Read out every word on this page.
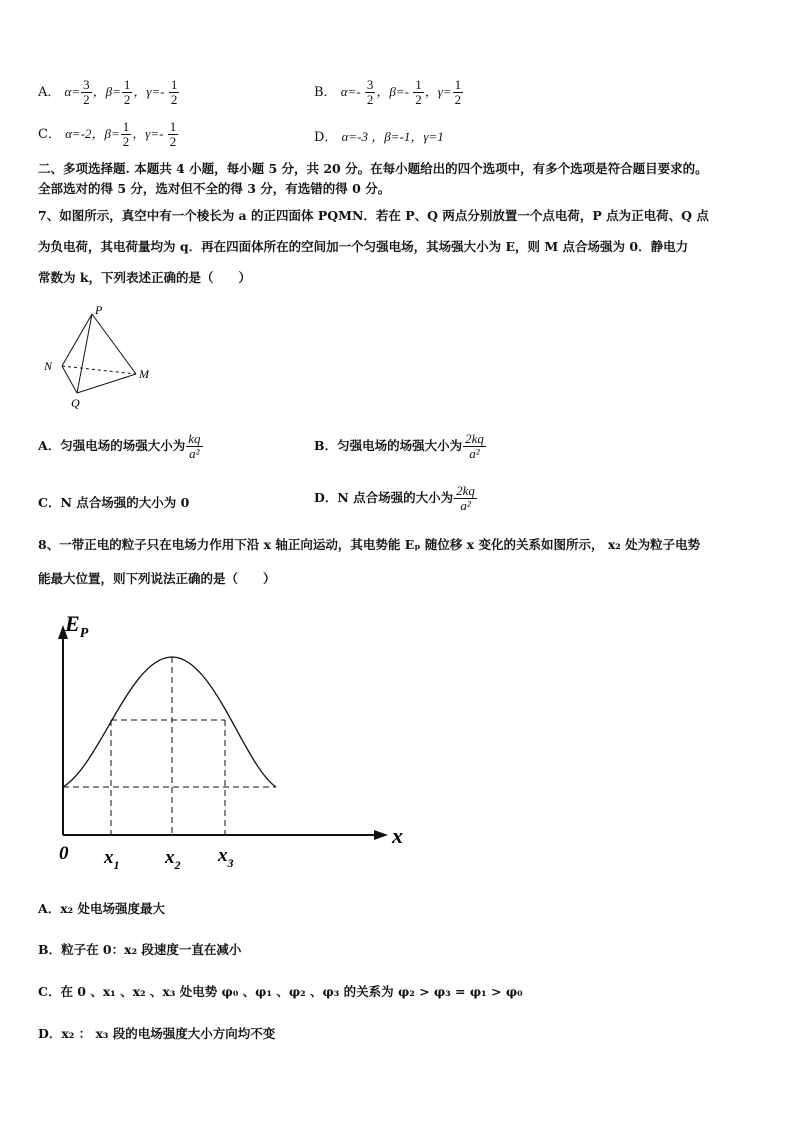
A． $\alpha= \frac{3}{2}$ ，$\beta= \frac{1}{2}$ ，$\gamma=- \frac{1}{2}$	B． $\alpha=- \frac{3}{2}$ ，$\beta=- \frac{1}{2}$ ，$\gamma= \frac{1}{2}$
C． α=-2，$\beta= \frac{1}{2}$ ，$\gamma=- \frac{1}{2}$	D． α=-3 ，β=-1，γ=1
二、多项选择题. 本题共 4 小题，每小题 5 分，共 20 分。在每小题给出的四个选项中，有多个选项是符合题目要求的。
全部选对的得 5 分，选对但不全的得 3 分，有选错的得 0 分。
7、如图所示，真空中有一个棱长为 a 的正四面体 PQMN．若在 P、Q 两点分别放置一个点电荷，P 点为正电荷、Q 点
为负电荷，其电荷量均为 q．再在四面体所在的空间加一个匀强电场，其场强大小为 E，则 M 点合场强为 0．静电力
常数为 k，下列表述正确的是（　　）
P
N
M
Q
A．匀强电场的场强大小为 $\frac{kq}{\text{a²}}$	B．匀强电场的场强大小为 $\frac{2kq}{\text{a²}}$
C．N 点合场强的大小为 0	D．N 点合场强的大小为 $\frac{2kq}{\text{a²}}$
8、一带正电的粒子只在电场力作用下沿 x 轴正向运动，其电势能 Eₚ 随位移 x 变化的关系如图所示， x₂ 处为粒子电势
能最大位置，则下列说法正确的是（　　）
$E_P$
x
0 $x_1$ $x_2$ $x_3$
A．x₂ 处电场强度最大
B．粒子在 0：x₂ 段速度一直在减小
C．在 0 、x₁ 、x₂ 、x₃ 处电势 φ₀ 、φ₁ 、φ₂ 、φ₃ 的关系为 φ₂ > φ₃ = φ₁ > φ₀
D．x₂ ： x₃ 段的电场强度大小方向均不变
